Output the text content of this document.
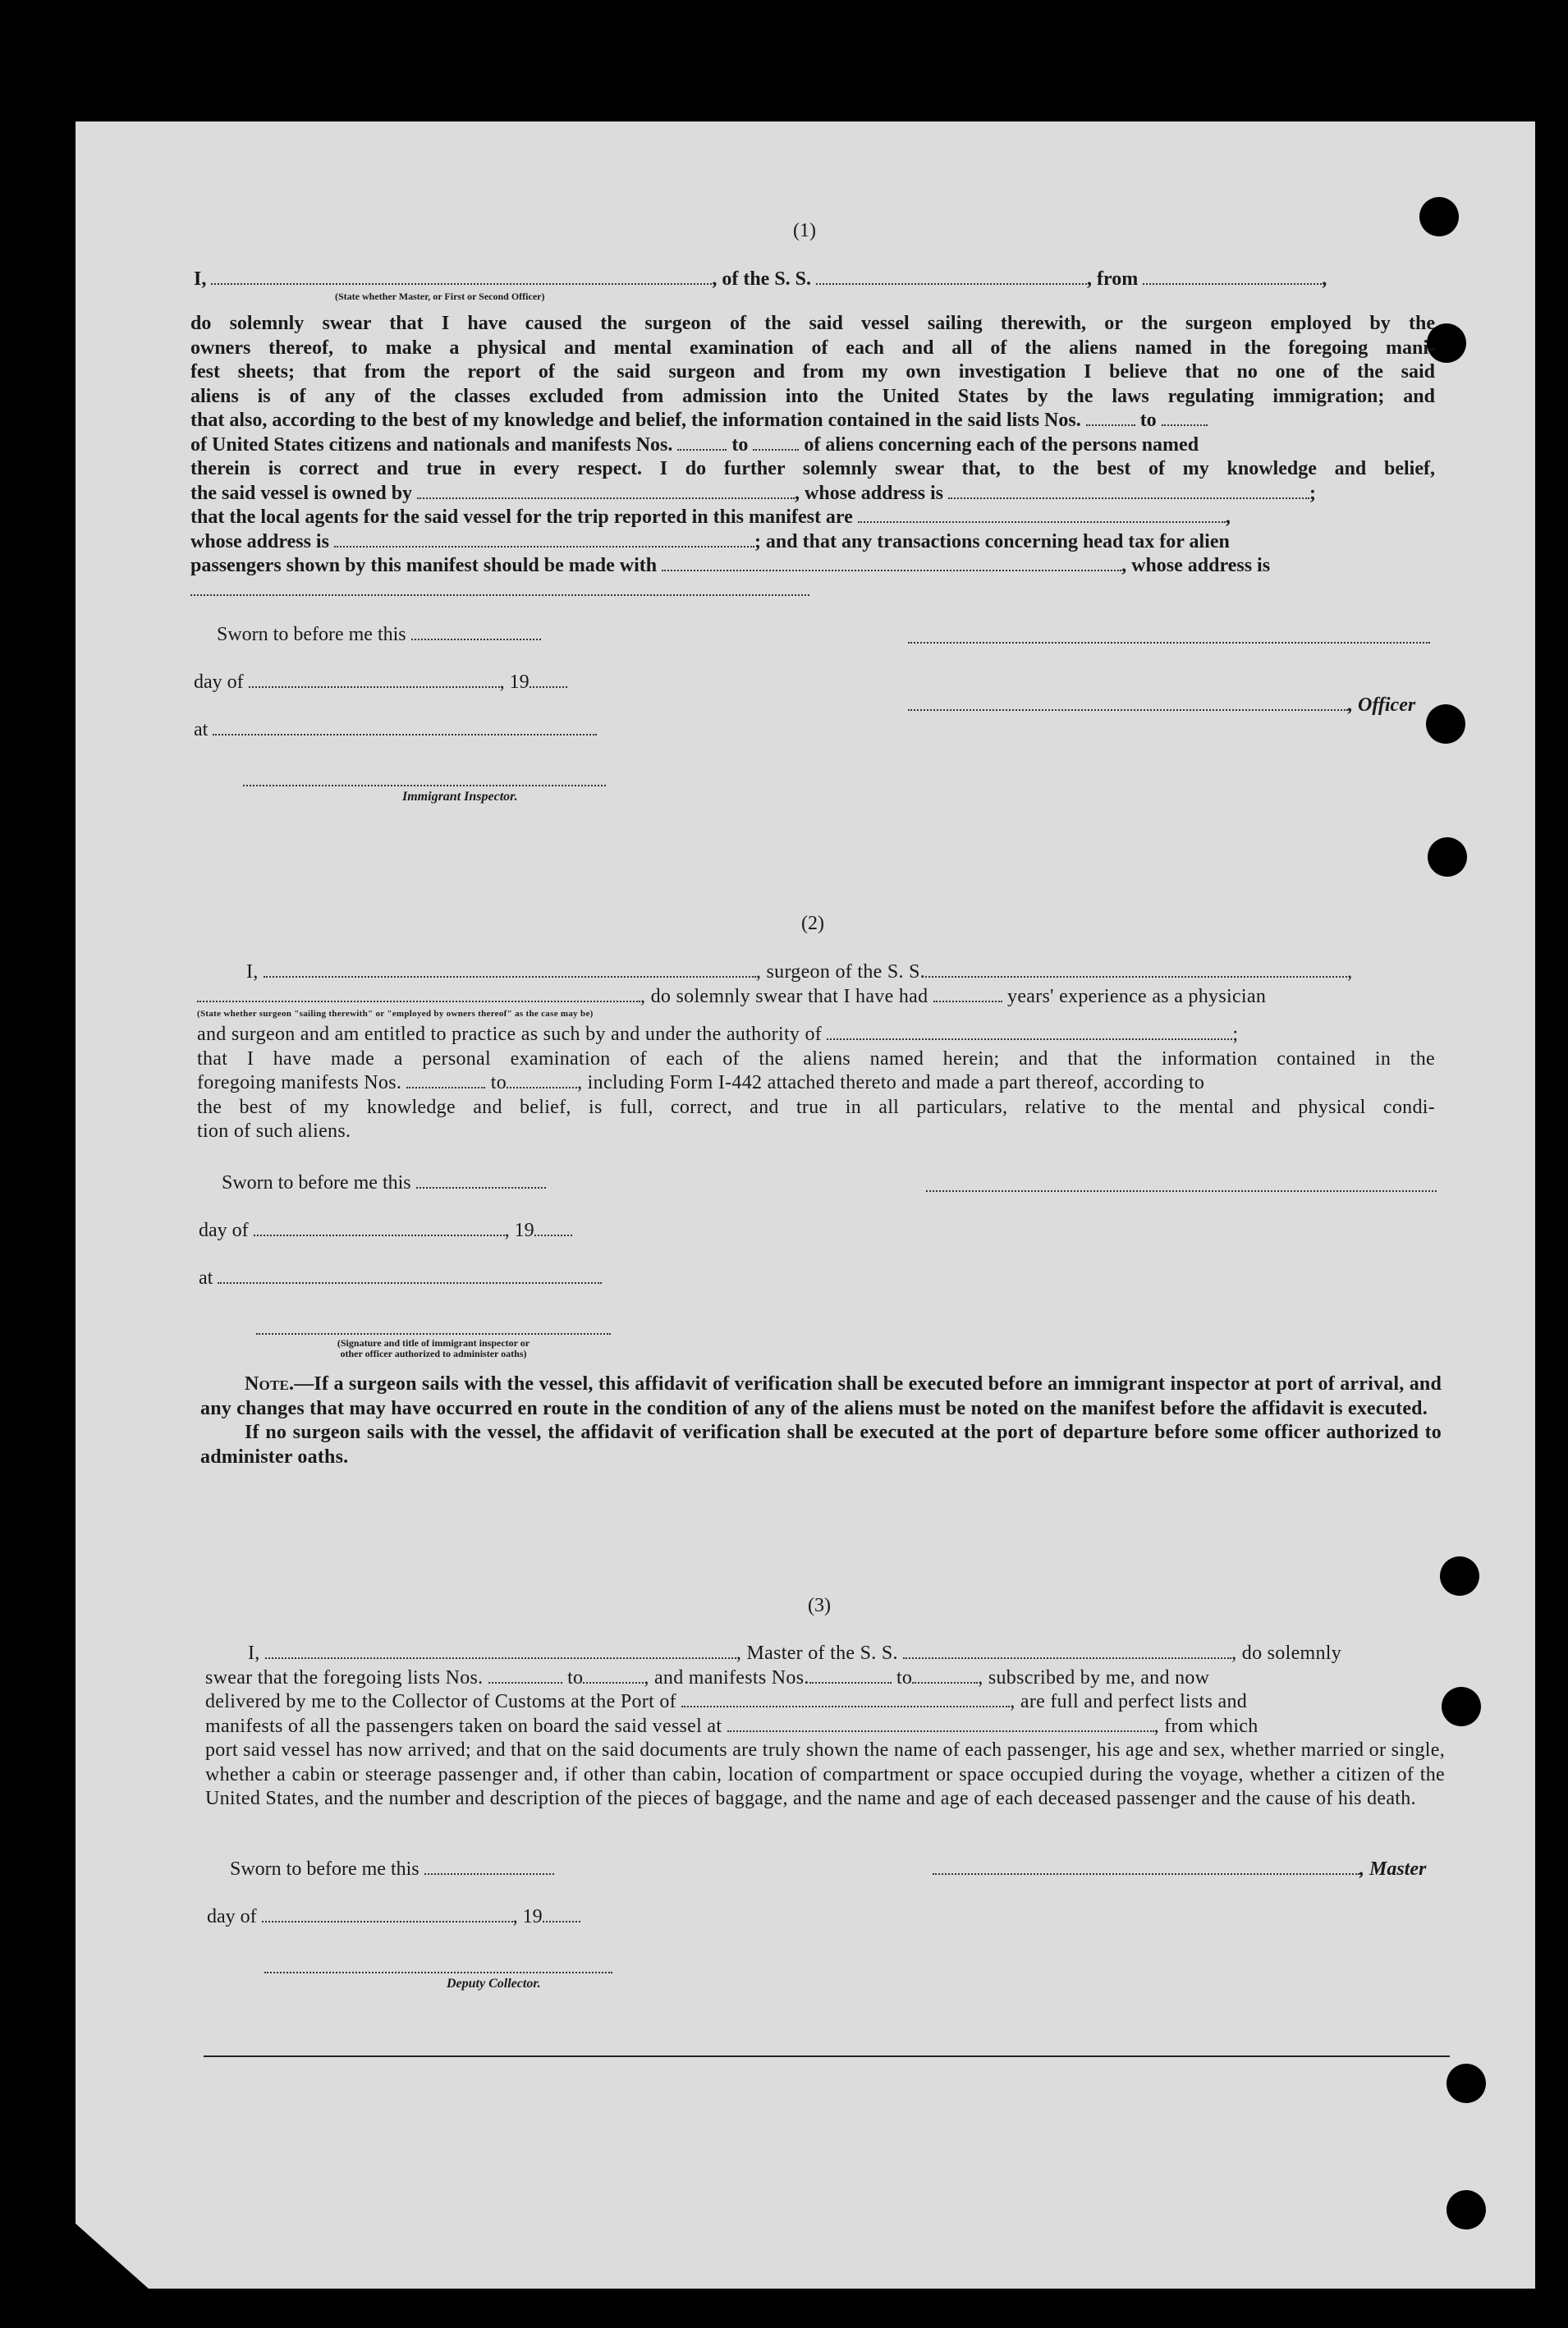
(1)
I,	, of the S. S.	, from	,
(State whether Master, or First or Second Officer)
do solemnly swear that I have caused the surgeon of the said vessel sailing therewith, or the surgeon employed by the
owners thereof, to make a physical and mental examination of each and all of the aliens named in the foregoing mani-
fest sheets; that from the report of the said surgeon and from my own investigation I believe that no one of the said
aliens is of any of the classes excluded from admission into the United States by the laws regulating immigration; and
that also, according to the best of my knowledge and belief, the information contained in the said lists Nos.	to
of United States citizens and nationals and manifests Nos.	to	of aliens concerning each of the persons named
therein is correct and true in every respect. I do further solemnly swear that, to the best of my knowledge and belief,
the said vessel is owned by	, whose address is	;
that the local agents for the said vessel for the trip reported in this manifest are	,
whose address is	; and that any transactions concerning head tax for alien
passengers shown by this manifest should be made with	, whose address is
Sworn to before me this
day of	, 19
at
Immigrant Inspector.
, Officer
(2)
I,	, surgeon of the S. S.	,
, do solemnly swear that I have had	years' experience as a physician
(State whether surgeon "sailing therewith" or "employed by owners thereof" as the case may be)
and surgeon and am entitled to practice as such by and under the authority of	;
that I have made a personal examination of each of the aliens named herein; and that the information contained in the
foregoing manifests Nos.	to	, including Form I-442 attached thereto and made a part thereof, according to
the best of my knowledge and belief, is full, correct, and true in all particulars, relative to the mental and physical condi-
tion of such aliens.
Sworn to before me this
day of	, 19
at
(Signature and title of immigrant inspector or
other officer authorized to administer oaths)

Note.—If a surgeon sails with the vessel, this affidavit of verification shall be executed before an immigrant inspector at port of arrival, and any changes that may have occurred en route in the condition of any of the aliens must be noted on the manifest before the affidavit is executed.

If no surgeon sails with the vessel, the affidavit of verification shall be executed at the port of departure before some officer authorized to administer oaths.

(3)
I,	, Master of the S. S.	, do solemnly
swear that the foregoing lists Nos.	to	, and manifests Nos.	to	, subscribed by me, and now
delivered by me to the Collector of Customs at the Port of	, are full and perfect lists and
manifests of all the passengers taken on board the said vessel at	, from which

port said vessel has now arrived; and that on the said documents are truly shown the name of each passenger, his age and sex, whether married or single, whether a cabin or steerage passenger and, if other than cabin, location of compartment or space occupied during the voyage, whether a citizen of the United States, and the number and description of the pieces of baggage, and the name and age of each deceased passenger and the cause of his death.

Sworn to before me this	, Master
day of	, 19
Deputy Collector.
